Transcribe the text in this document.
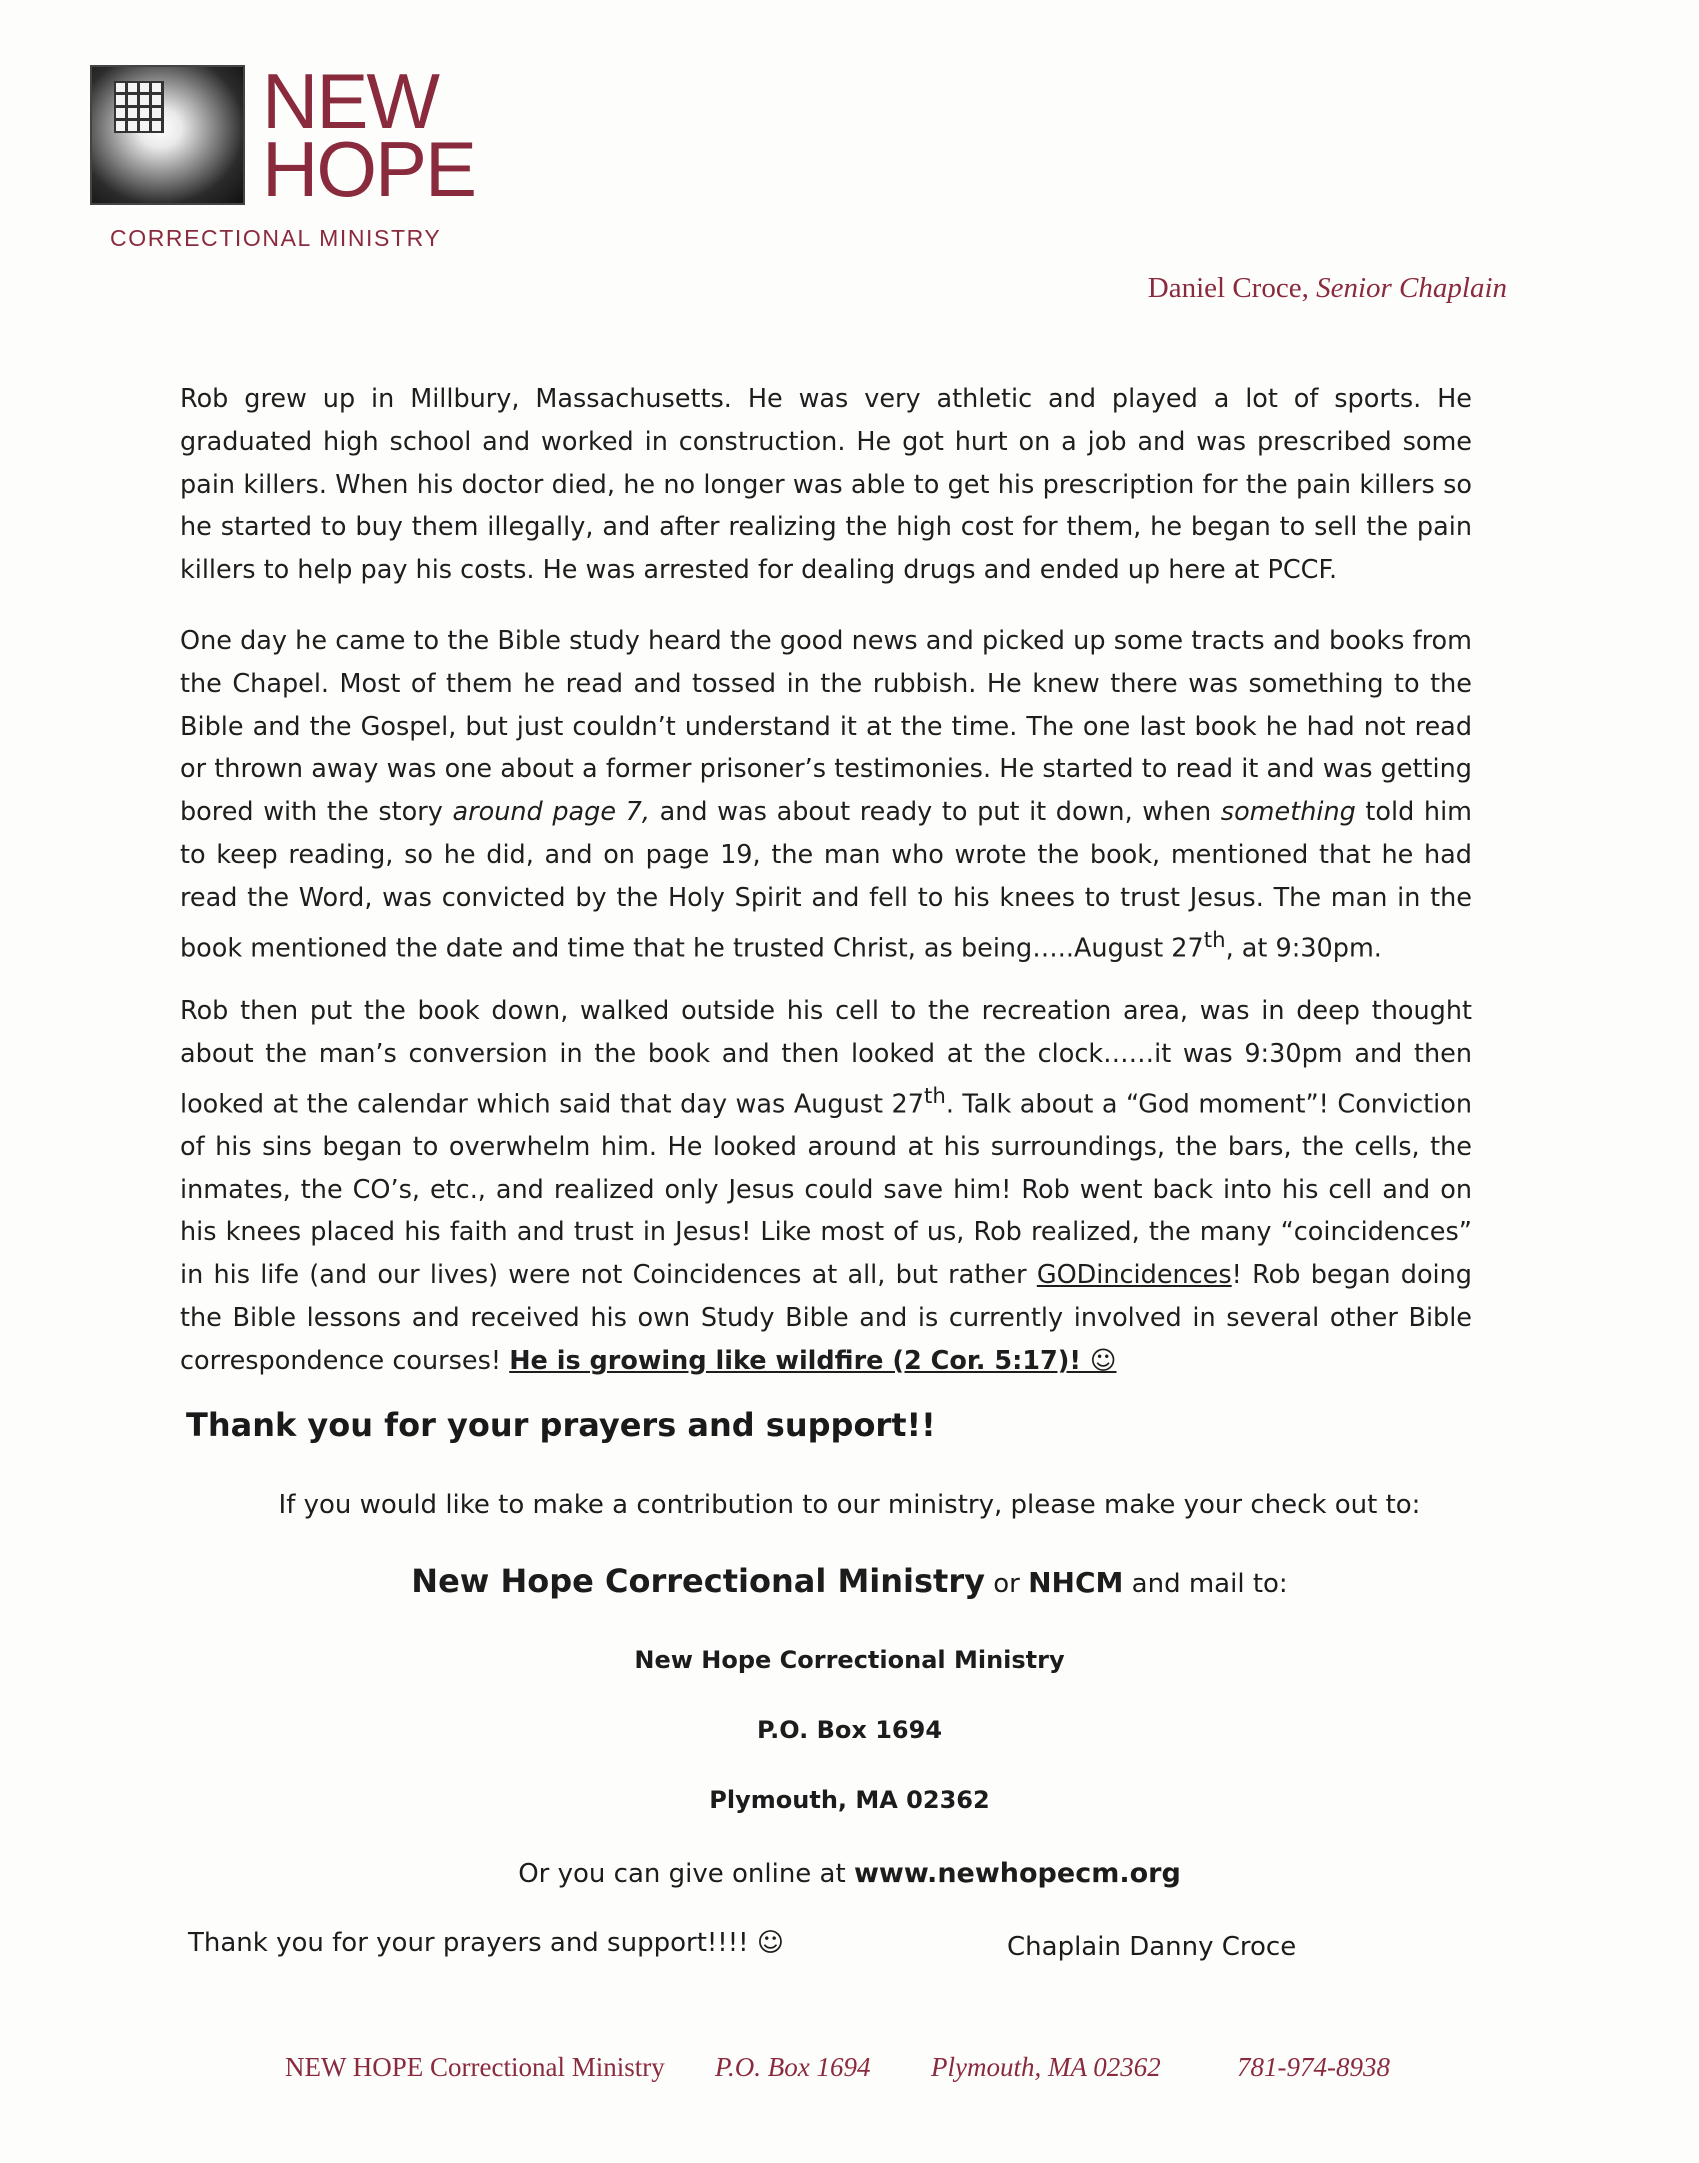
NEW
HOPE
CORRECTIONAL MINISTRY
Daniel Croce, Senior Chaplain
Rob grew up in Millbury, Massachusetts. He was very athletic and played a lot of sports. He graduated high school and worked in construction. He got hurt on a job and was prescribed some pain killers. When his doctor died, he no longer was able to get his prescription for the pain killers so he started to buy them illegally, and after realizing the high cost for them, he began to sell the pain killers to help pay his costs. He was arrested for dealing drugs and ended up here at PCCF.
One day he came to the Bible study heard the good news and picked up some tracts and books from the Chapel. Most of them he read and tossed in the rubbish. He knew there was something to the Bible and the Gospel, but just couldn’t understand it at the time. The one last book he had not read or thrown away was one about a former prisoner’s testimonies. He started to read it and was getting bored with the story around page 7, and was about ready to put it down, when something told him to keep reading, so he did, and on page 19, the man who wrote the book, mentioned that he had read the Word, was convicted by the Holy Spirit and fell to his knees to trust Jesus. The man in the book mentioned the date and time that he trusted Christ, as being…..August 27th, at 9:30pm.
Rob then put the book down, walked outside his cell to the recreation area, was in deep thought about the man’s conversion in the book and then looked at the clock……it was 9:30pm and then looked at the calendar which said that day was August 27th. Talk about a “God moment”! Conviction of his sins began to overwhelm him. He looked around at his surroundings, the bars, the cells, the inmates, the CO’s, etc., and realized only Jesus could save him! Rob went back into his cell and on his knees placed his faith and trust in Jesus! Like most of us, Rob realized, the many “coincidences” in his life (and our lives) were not Coincidences at all, but rather GODincidences! Rob began doing the Bible lessons and received his own Study Bible and is currently involved in several other Bible correspondence courses! He is growing like wildfire (2 Cor. 5:17)! ☺
Thank you for your prayers and support!!
If you would like to make a contribution to our ministry, please make your check out to:
New Hope Correctional Ministry or NHCM and mail to:
New Hope Correctional Ministry
P.O. Box 1694
Plymouth, MA 02362
Or you can give online at www.newhopecm.org
Thank you for your prayers and support!!!! ☺	Chaplain Danny Croce
NEW HOPE Correctional Ministry P.O. Box 1694 Plymouth, MA 02362	781-974-8938
